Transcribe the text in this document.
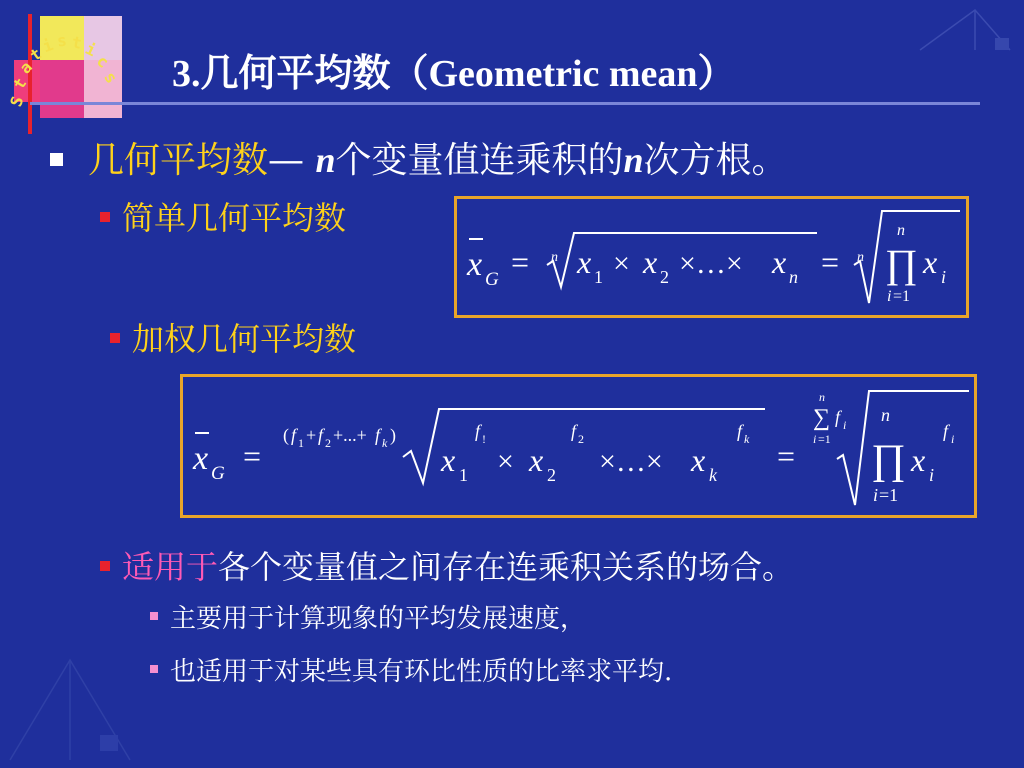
S
t
a
t
i s t i
c
s 3.几何平均数（Geometric mean）
几何平均数— n个变量值连乘积的n次方根。
简单几何平均数
x G = n x 1 × x 2 ×…× x n = n
n
∏
i =1
x i
加权几何平均数
x G =
( f 1 + f 2 +...+ f k )
x 1
f !
× x 2
f 2
×…× x k
f k =
n
∑ f i
i =1
n
∏
i =1
x i
f i
适用于各个变量值之间存在连乘积关系的场合。
主要用于计算现象的平均发展速度，
也适用于对某些具有环比性质的比率求平均.
